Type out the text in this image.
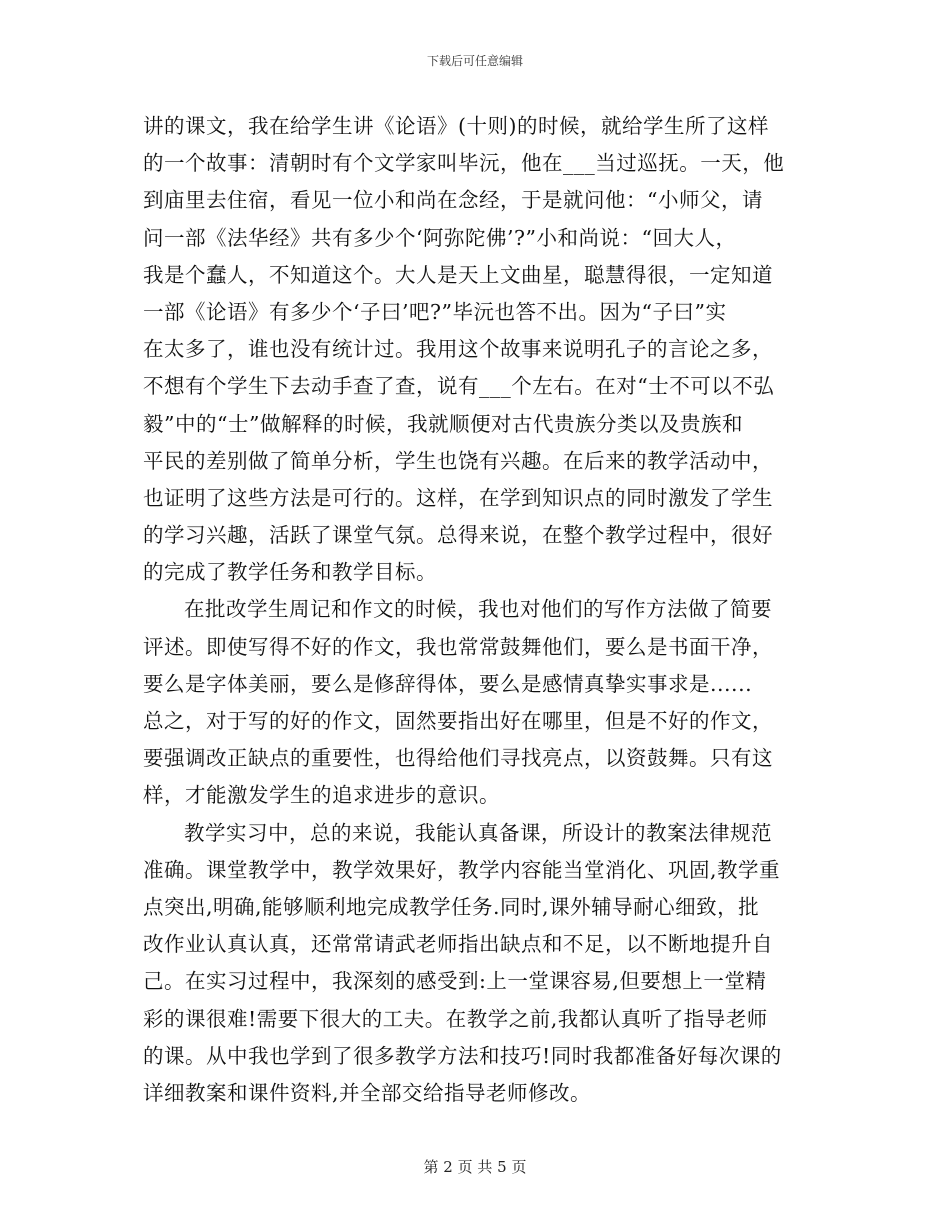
下载后可任意编辑
讲的课文，我在给学生讲《论语》(十则)的时候，就给学生所了这样
的一个故事：清朝时有个文学家叫毕沅，他在___当过巡抚。一天，他
到庙里去住宿，看见一位小和尚在念经，于是就问他：“小师父，请
问一部《法华经》共有多少个‘阿弥陀佛’?”小和尚说：“回大人，
我是个蠢人，不知道这个。大人是天上文曲星，聪慧得很，一定知道
一部《论语》有多少个‘子曰’吧?”毕沅也答不出。因为“子曰”实
在太多了，谁也没有统计过。我用这个故事来说明孔子的言论之多，
不想有个学生下去动手查了查，说有___个左右。在对“士不可以不弘
毅”中的“士”做解释的时候，我就顺便对古代贵族分类以及贵族和
平民的差别做了简单分析，学生也饶有兴趣。在后来的教学活动中，
也证明了这些方法是可行的。这样，在学到知识点的同时激发了学生
的学习兴趣，活跃了课堂气氛。总得来说，在整个教学过程中，很好
的完成了教学任务和教学目标。
在批改学生周记和作文的时候，我也对他们的写作方法做了简要
评述。即使写得不好的作文，我也常常鼓舞他们，要么是书面干净，
要么是字体美丽，要么是修辞得体，要么是感情真挚实事求是......
总之，对于写的好的作文，固然要指出好在哪里，但是不好的作文，
要强调改正缺点的重要性，也得给他们寻找亮点，以资鼓舞。只有这
样，才能激发学生的追求进步的意识。
教学实习中，总的来说，我能认真备课，所设计的教案法律规范
准确。课堂教学中，教学效果好，教学内容能当堂消化、巩固,教学重
点突出,明确,能够顺利地完成教学任务.同时,课外辅导耐心细致，批
改作业认真认真，还常常请武老师指出缺点和不足，以不断地提升自
己。在实习过程中，我深刻的感受到:上一堂课容易,但要想上一堂精
彩的课很难!需要下很大的工夫。在教学之前,我都认真听了指导老师
的课。从中我也学到了很多教学方法和技巧!同时我都准备好每次课的
详细教案和课件资料,并全部交给指导老师修改。
第 2 页 共 5 页
